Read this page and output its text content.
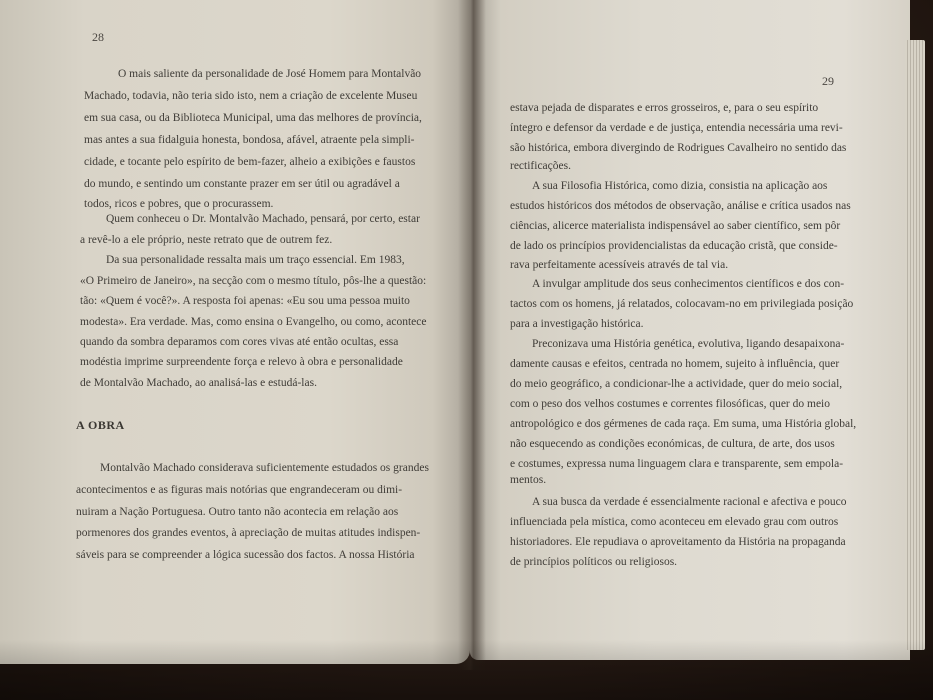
28
O mais saliente da personalidade de José Homem para Montalvão
Machado, todavia, não teria sido isto, nem a criação de excelente Museu
em sua casa, ou da Biblioteca Municipal, uma das melhores de província,
mas antes a sua fidalguia honesta, bondosa, afável, atraente pela simpli-
cidade, e tocante pelo espírito de bem-fazer, alheio a exibições e faustos
do mundo, e sentindo um constante prazer em ser útil ou agradável a
todos, ricos e pobres, que o procurassem.
Quem conheceu o Dr. Montalvão Machado, pensará, por certo, estar
a revê-lo a ele próprio, neste retrato que de outrem fez.
Da sua personalidade ressalta mais um traço essencial. Em 1983,
«O Primeiro de Janeiro», na secção com o mesmo título, pôs-lhe a questão:
tão: «Quem é você?». A resposta foi apenas: «Eu sou uma pessoa muito
modesta». Era verdade. Mas, como ensina o Evangelho, ou como, acontece
quando da sombra deparamos com cores vivas até então ocultas, essa
modéstia imprime surpreendente força e relevo à obra e personalidade
de Montalvão Machado, ao analisá-las e estudá-las.
A OBRA
Montalvão Machado considerava suficientemente estudados os grandes
acontecimentos e as figuras mais notórias que engrandeceram ou dimi-
nuiram a Nação Portuguesa. Outro tanto não acontecia em relação aos
pormenores dos grandes eventos, à apreciação de muitas atitudes indispen-
sáveis para se compreender a lógica sucessão dos factos. A nossa História
29
estava pejada de disparates e erros grosseiros, e, para o seu espírito
íntegro e defensor da verdade e de justiça, entendia necessária uma revi-
são histórica, embora divergindo de Rodrigues Cavalheiro no sentido das
rectificações.
A sua Filosofia Histórica, como dizia, consistia na aplicação aos
estudos históricos dos métodos de observação, análise e crítica usados nas
ciências, alicerce materialista indispensável ao saber científico, sem pôr
de lado os princípios providencialistas da educação cristã, que conside-
rava perfeitamente acessíveis através de tal via.
A invulgar amplitude dos seus conhecimentos científicos e dos con-
tactos com os homens, já relatados, colocavam-no em privilegiada posição
para a investigação histórica.
Preconizava uma História genética, evolutiva, ligando desapaixona-
damente causas e efeitos, centrada no homem, sujeito à influência, quer
do meio geográfico, a condicionar-lhe a actividade, quer do meio social,
com o peso dos velhos costumes e correntes filosóficas, quer do meio
antropológico e dos gérmenes de cada raça. Em suma, uma História global,
não esquecendo as condições económicas, de cultura, de arte, dos usos
e costumes, expressa numa linguagem clara e transparente, sem empola-
mentos.
A sua busca da verdade é essencialmente racional e afectiva e pouco
influenciada pela mística, como aconteceu em elevado grau com outros
historiadores. Ele repudiava o aproveitamento da História na propaganda
de princípios políticos ou religiosos.
